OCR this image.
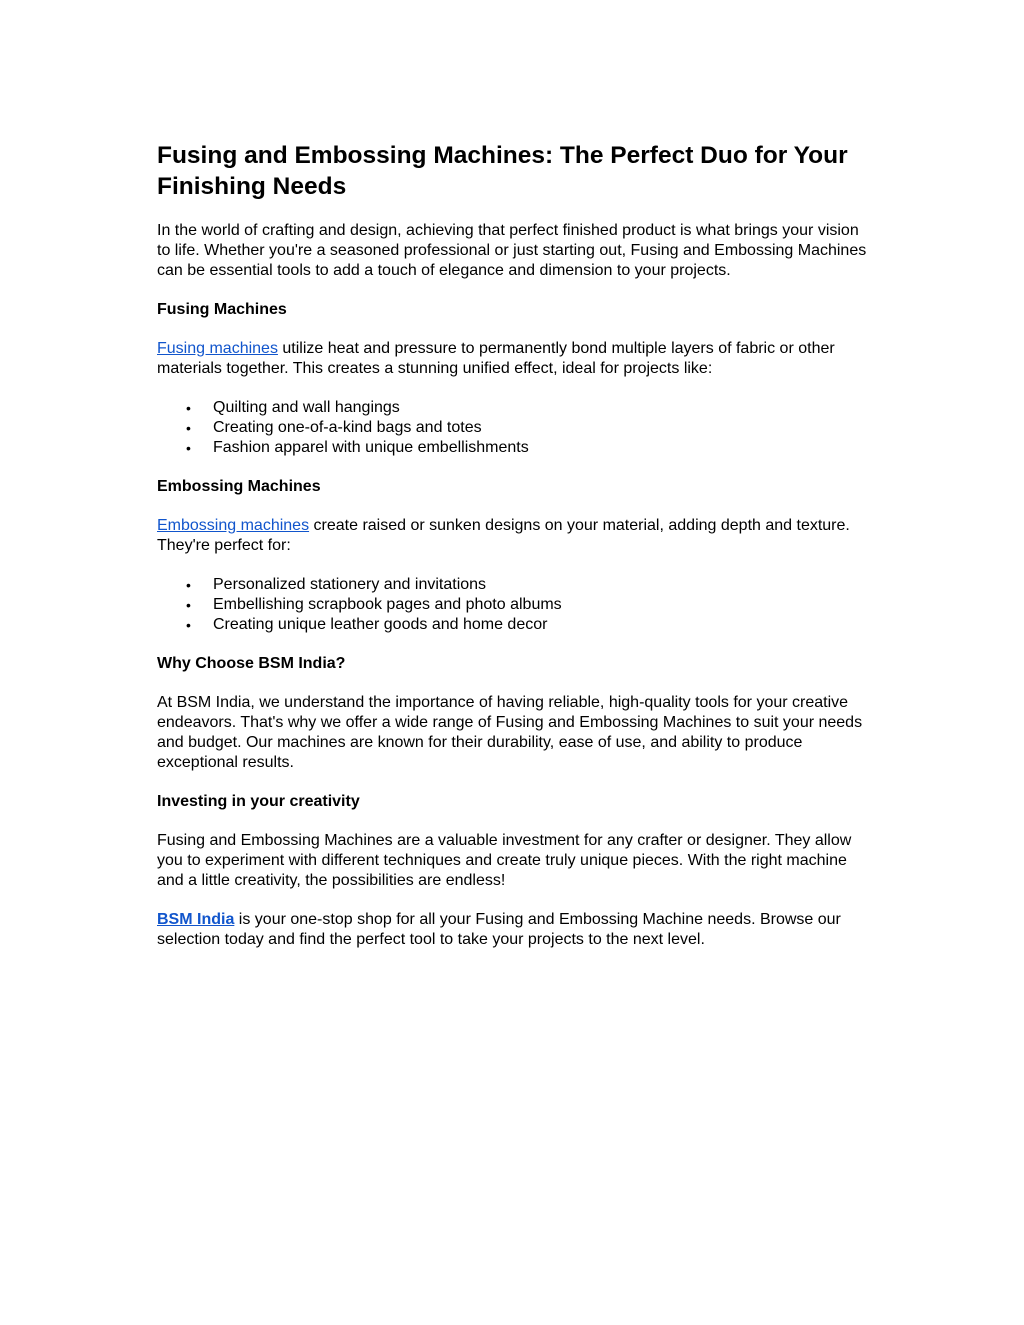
Fusing and Embossing Machines: The Perfect Duo for Your Finishing Needs

In the world of crafting and design, achieving that perfect finished product is what brings your vision to life. Whether you're a seasoned professional or just starting out, Fusing and Embossing Machines can be essential tools to add a touch of elegance and dimension to your projects.

Fusing Machines

Fusing machines utilize heat and pressure to permanently bond multiple layers of fabric or other materials together. This creates a stunning unified effect, ideal for projects like:

• Quilting and wall hangings
• Creating one-of-a-kind bags and totes
• Fashion apparel with unique embellishments
Embossing Machines

Embossing machines create raised or sunken designs on your material, adding depth and texture. They're perfect for:

• Personalized stationery and invitations
• Embellishing scrapbook pages and photo albums
• Creating unique leather goods and home decor
Why Choose BSM India?

At BSM India, we understand the importance of having reliable, high-quality tools for your creative endeavors. That's why we offer a wide range of Fusing and Embossing Machines to suit your needs and budget. Our machines are known for their durability, ease of use, and ability to produce exceptional results.

Investing in your creativity

Fusing and Embossing Machines are a valuable investment for any crafter or designer. They allow you to experiment with different techniques and create truly unique pieces. With the right machine and a little creativity, the possibilities are endless!

BSM India is your one-stop shop for all your Fusing and Embossing Machine needs. Browse our selection today and find the perfect tool to take your projects to the next level.
